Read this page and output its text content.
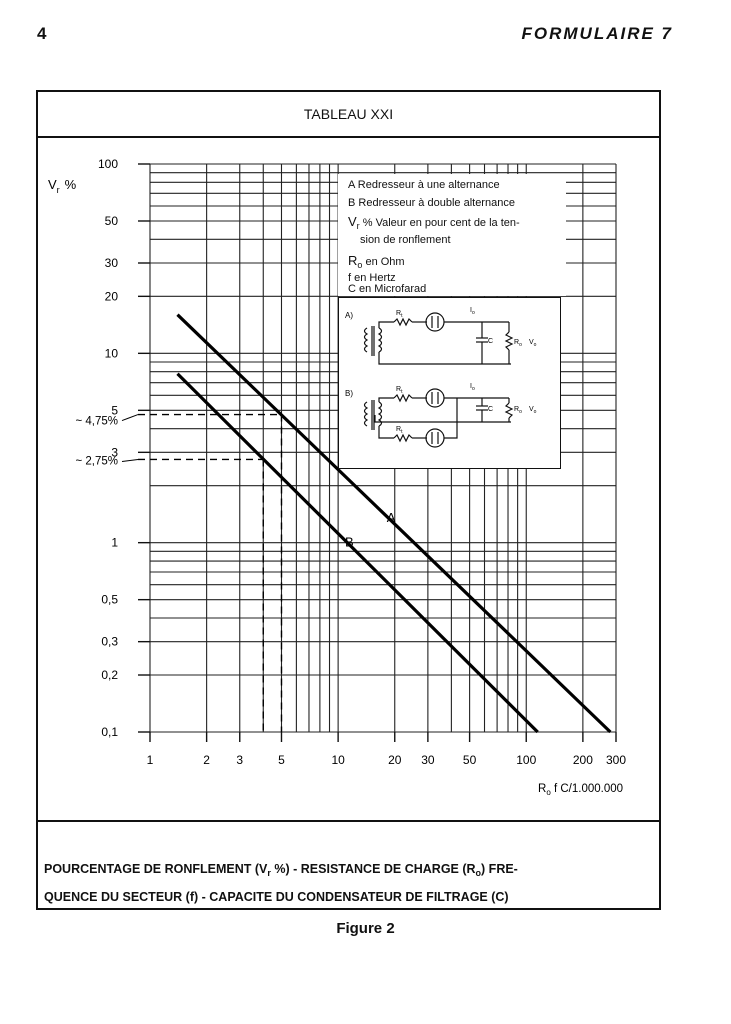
4	FORMULAIRE 7
TABLEAU XXI
0,1
0,2
0,3
0,5
1
3
5
10
20
30
50
100
1	2 3	5	10	20 30 50	100	200 300
A
B
~ 4,75%
~ 2,75%
$V_r$ %
$R_o$ f C/1.000.000
A Redresseur à une alternance
B Redresseur à double alternance
$V_r$ % Valeur en pour cent de la ten-
sion de ronflement
$R_o$ en Ohm
f en Hertz
C en Microfarad
A)	$R_t$
C	$R_o$ $V_o$
$I_o$
B)	$R_t$
$R_t$
C	$R_o$ $V_o$
$I_o$
POURCENTAGE DE RONFLEMENT ($V_r$ %) - RESISTANCE DE CHARGE $(R_o)$ FRE-
QUENCE DU SECTEUR (f) - CAPACITE DU CONDENSATEUR DE FILTRAGE (C)
Figure 2
